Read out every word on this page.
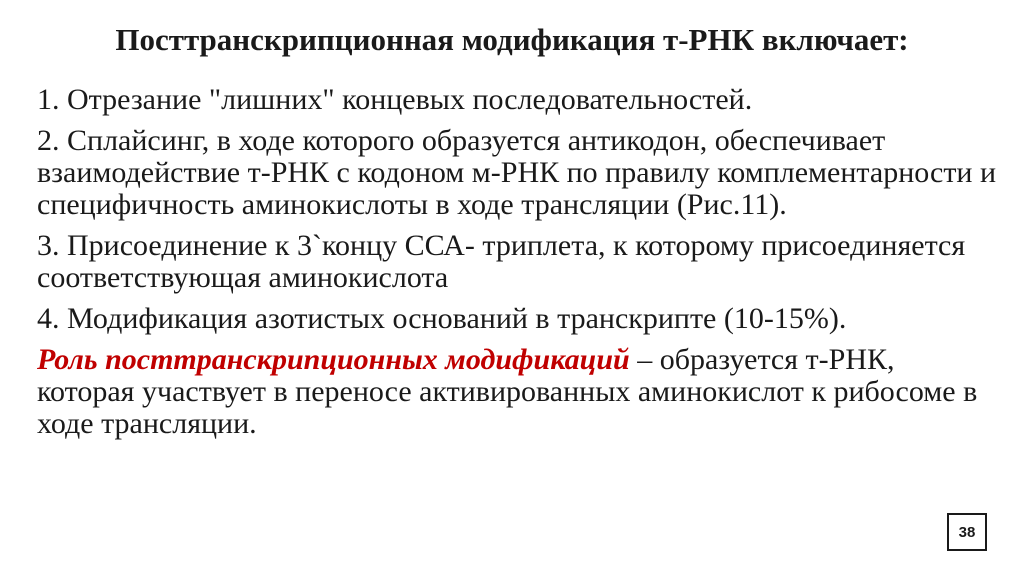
Посттранскрипционная модификация т-РНК включает:
1. Отрезание "лишних" концевых последовательностей.
2. Сплайсинг, в ходе которого образуется антикодон, обеспечивает взаимодействие т-РНК с кодоном м-РНК по правилу комплементарности и специфичность аминокислоты в ходе трансляции (Рис.11).
3. Присоединение к 3`концу ССА- триплета, к которому присоединяется соответствующая аминокислота
4. Модификация азотистых оснований в транскрипте (10-15%).
Роль посттранскрипционных модификаций – образуется т-РНК, которая участвует в переносе активированных аминокислот к рибосоме в ходе трансляции.
38
